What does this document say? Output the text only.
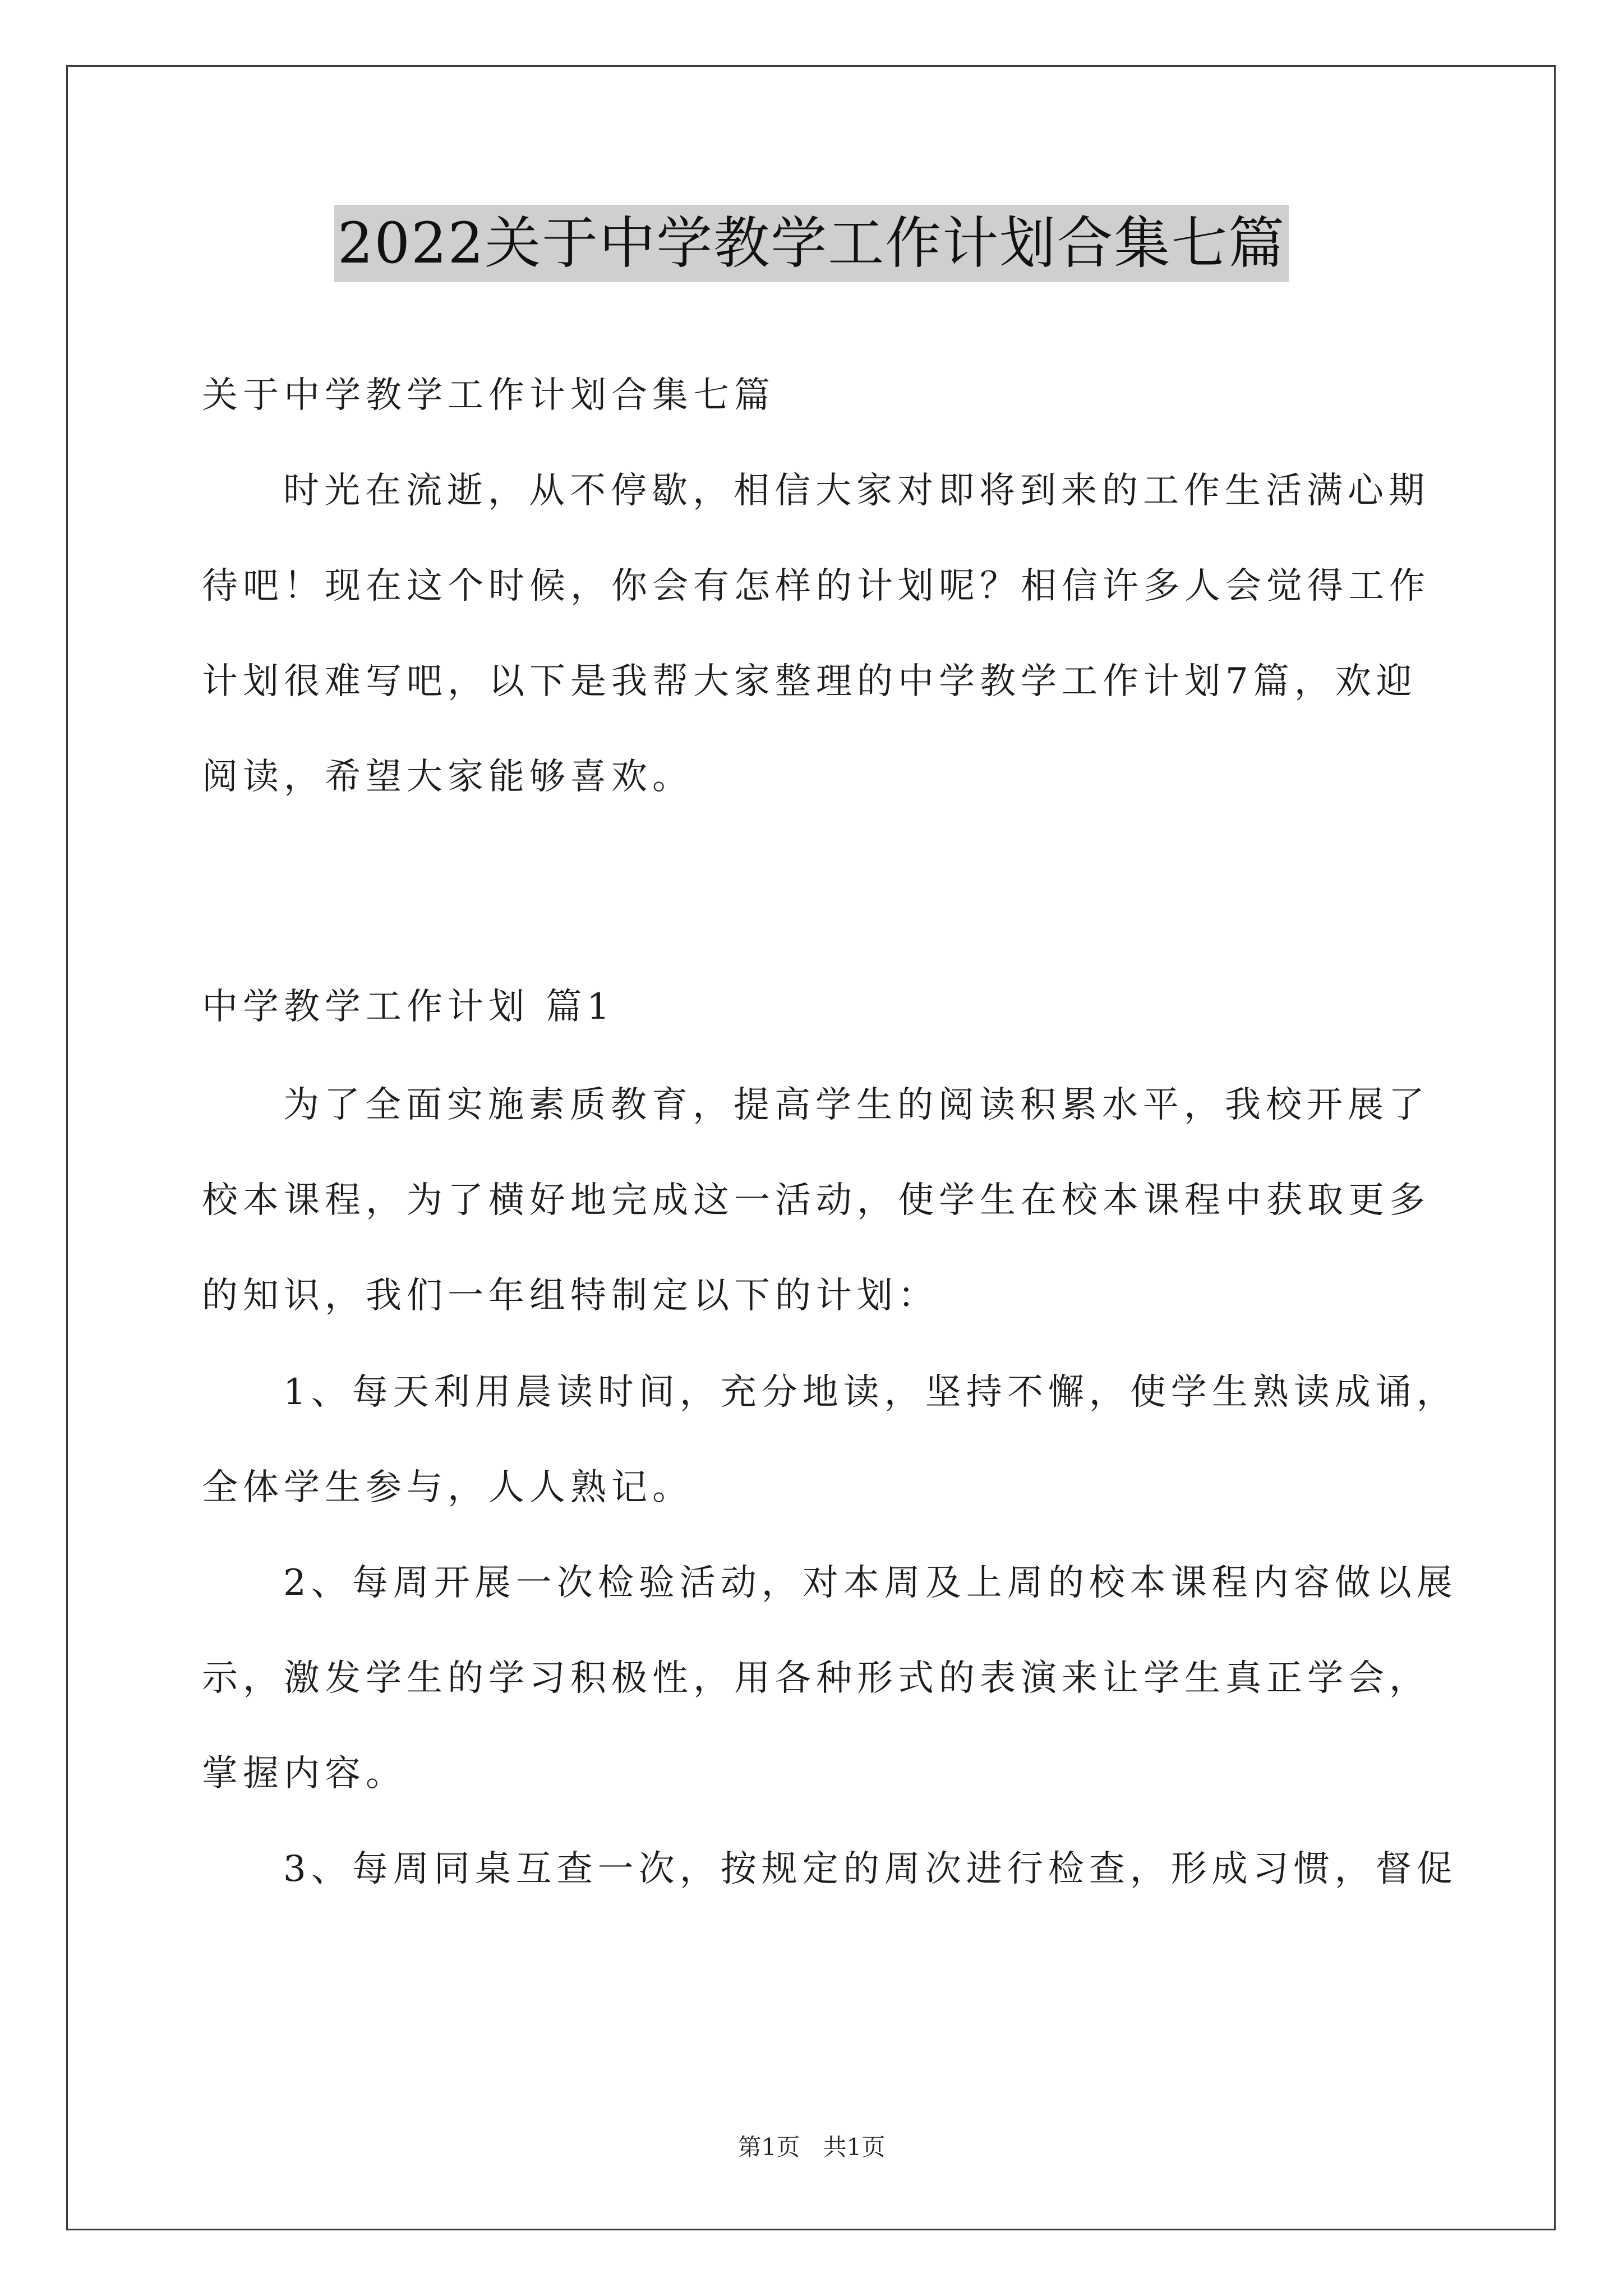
2022关于中学教学工作计划合集七篇
关于中学教学工作计划合集七篇
时光在流逝，从不停歇，相信大家对即将到来的工作生活满心期
待吧！现在这个时候，你会有怎样的计划呢？相信许多人会觉得工作
计划很难写吧，以下是我帮大家整理的中学教学工作计划7篇，欢迎
阅读，希望大家能够喜欢。
中学教学工作计划 篇1
为了全面实施素质教育，提高学生的阅读积累水平，我校开展了
校本课程，为了横好地完成这一活动，使学生在校本课程中获取更多
的知识，我们一年组特制定以下的计划：
1、每天利用晨读时间，充分地读，坚持不懈，使学生熟读成诵，
全体学生参与，人人熟记。
2、每周开展一次检验活动，对本周及上周的校本课程内容做以展
示，激发学生的学习积极性，用各种形式的表演来让学生真正学会，
掌握内容。
3、每周同桌互查一次，按规定的周次进行检查，形成习惯，督促
第1页 共1页
